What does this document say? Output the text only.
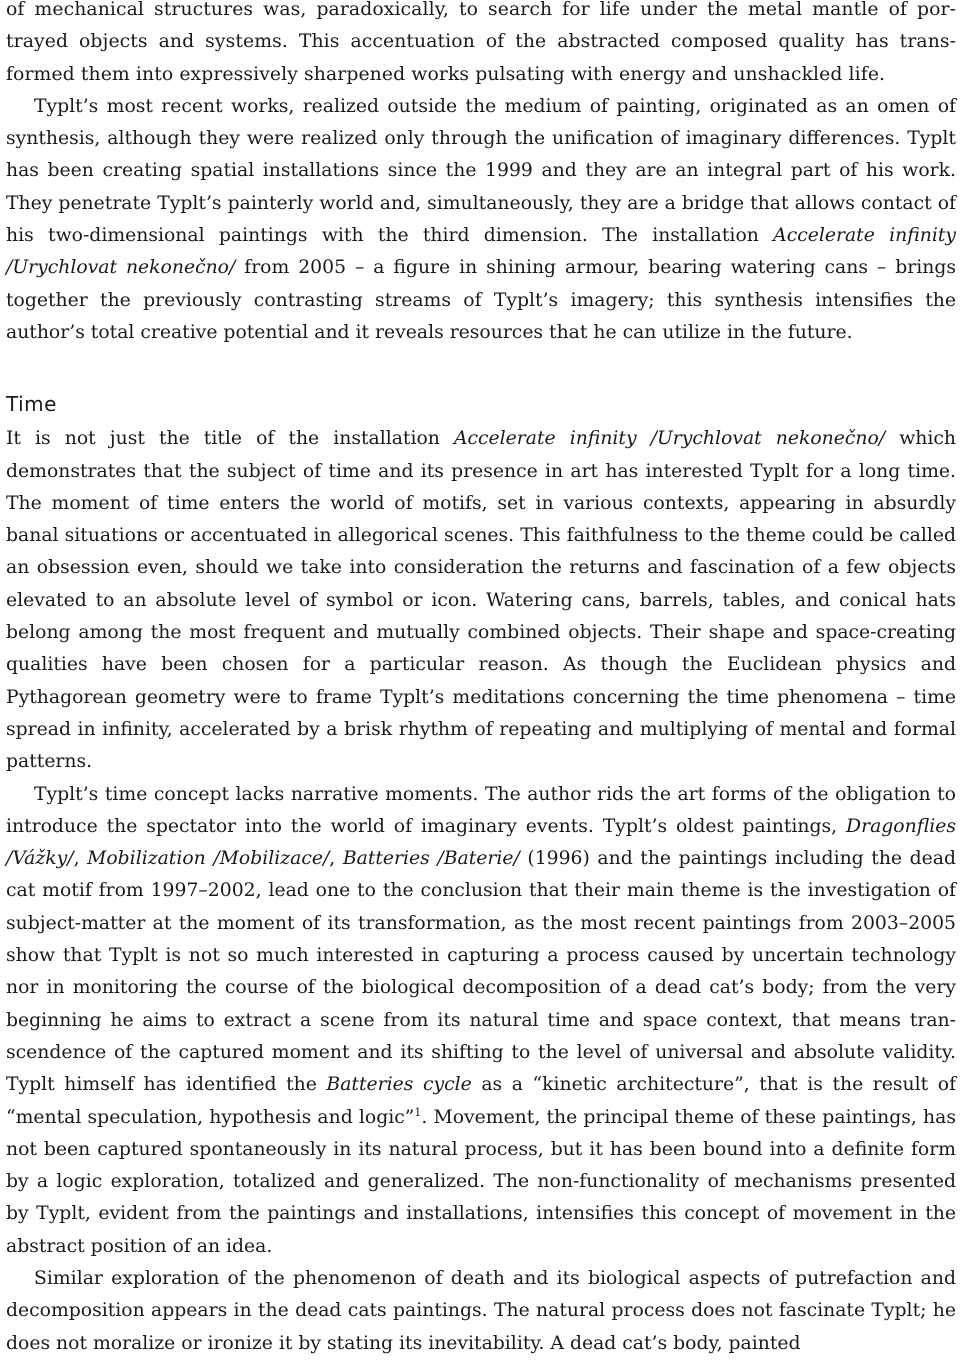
of mechanical structures was, paradoxically, to search for life under the metal mantle of portrayed objects and systems. This accentuation of the abstracted composed quality has transformed them into expressively sharpened works pulsating with energy and unshackled life.

Typlt’s most recent works, realized outside the medium of painting, originated as an omen of synthesis, although they were realized only through the unification of imaginary differences. Typlt has been creating spatial installations since the 1999 and they are an integral part of his work. They penetrate Typlt’s painterly world and, simultaneously, they are a bridge that allows contact of his two-dimensional paintings with the third dimension. The installation Accelerate infinity /Urychlovat nekonečno/ from 2005 – a figure in shining armour, bearing watering cans – brings together the previously contrasting streams of Typlt’s imagery; this synthesis intensifies the author’s total creative potential and it reveals resources that he can utilize in the future.

Time

It is not just the title of the installation Accelerate infinity /Urychlovat nekonečno/ which demonstrates that the subject of time and its presence in art has interested Typlt for a long time. The moment of time enters the world of motifs, set in various contexts, appearing in absurdly banal situations or accentuated in allegorical scenes. This faithfulness to the theme could be called an obsession even, should we take into consideration the returns and fascination of a few objects elevated to an absolute level of symbol or icon. Watering cans, barrels, tables, and conical hats belong among the most frequent and mutually combined objects. Their shape and space-creating qualities have been chosen for a particular reason. As though the Euclidean physics and Pythagorean geometry were to frame Typlt’s meditations concerning the time phenomena – time spread in infinity, accelerated by a brisk rhythm of repeating and multiplying of mental and formal patterns.

Typlt’s time concept lacks narrative moments. The author rids the art forms of the obligation to introduce the spectator into the world of imaginary events. Typlt’s oldest paintings, Dragonflies /Vážky/, Mobilization /Mobilizace/, Batteries /Baterie/ (1996) and the paintings including the dead cat motif from 1997–2002, lead one to the conclusion that their main theme is the investigation of subject-matter at the moment of its transformation, as the most recent paintings from 2003–2005 show that Typlt is not so much interested in capturing a process caused by uncertain technology nor in monitoring the course of the biological decomposition of a dead cat’s body; from the very beginning he aims to extract a scene from its natural time and space context, that means transcendence of the captured moment and its shifting to the level of universal and absolute validity. Typlt himself has identified the Batteries cycle as a “kinetic architecture”, that is the result of “mental speculation, hypothesis and logic”$^1$. Movement, the principal theme of these paintings, has not been captured spontaneously in its natural process, but it has been bound into a definite form by a logic exploration, totalized and generalized. The non-functionality of mechanisms presented by Typlt, evident from the paintings and installations, intensifies this concept of movement in the abstract position of an idea.

Similar exploration of the phenomenon of death and its biological aspects of putrefaction and decomposition appears in the dead cats paintings. The natural process does not fascinate Typlt; he does not moralize or ironize it by stating its inevitability. A dead cat’s body, painted
